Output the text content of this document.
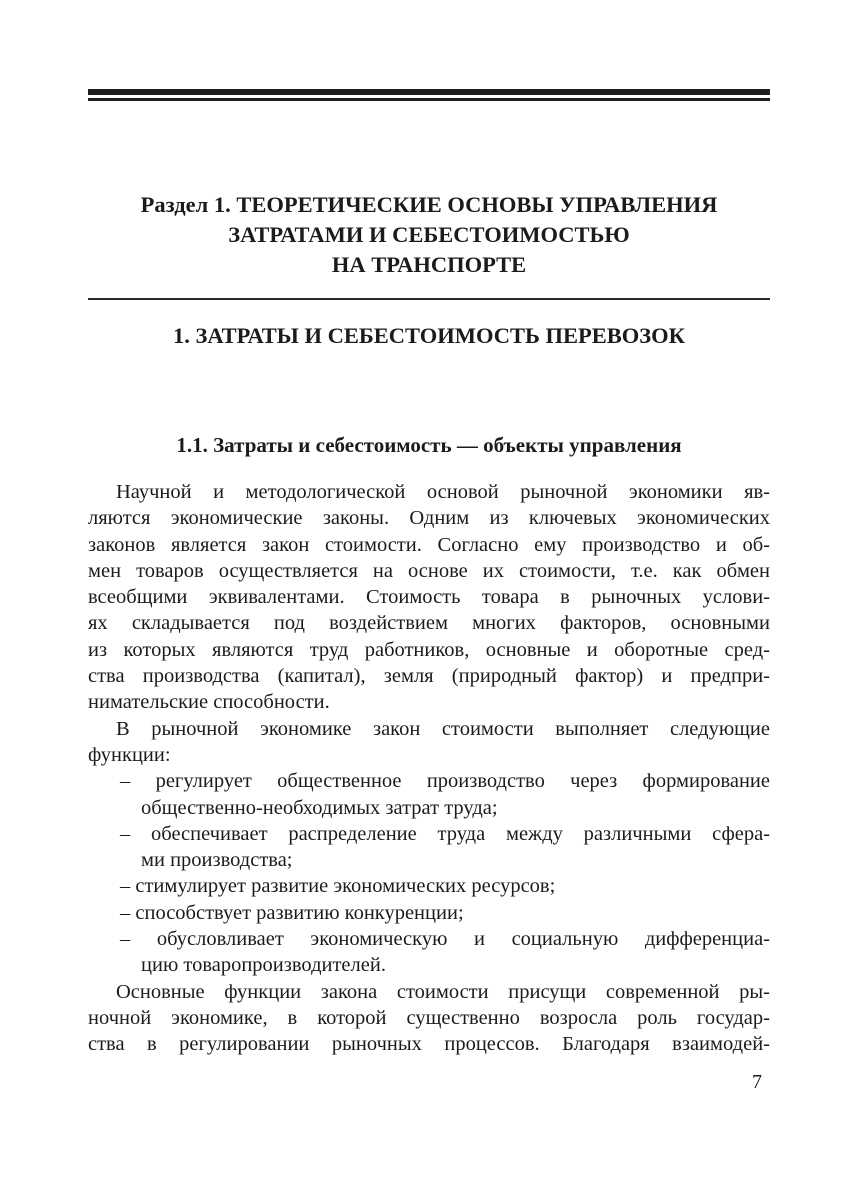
Раздел 1. ТЕОРЕТИЧЕСКИЕ ОСНОВЫ УПРАВЛЕНИЯ
ЗАТРАТАМИ И СЕБЕСТОИМОСТЬЮ
НА ТРАНСПОРТЕ
1. ЗАТРАТЫ И СЕБЕСТОИМОСТЬ ПЕРЕВОЗОК
1.1. Затраты и себестоимость — объекты управления
Научной и методологической основой рыночной экономики яв-
ляются экономические законы. Одним из ключевых экономических
законов является закон стоимости. Согласно ему производство и об-
мен товаров осуществляется на основе их стоимости, т.е. как обмен
всеобщими эквивалентами. Стоимость товара в рыночных услови-
ях складывается под воздействием многих факторов, основными
из которых являются труд работников, основные и оборотные сред-
ства производства (капитал), земля (природный фактор) и предпри-
нимательские способности.
В рыночной экономике закон стоимости выполняет следующие
функции:
– регулирует общественное производство через формирование
общественно-необходимых затрат труда;
– обеспечивает распределение труда между различными сфера-
ми производства;
– стимулирует развитие экономических ресурсов;
– способствует развитию конкуренции;
– обусловливает экономическую и социальную дифференциа-
цию товаропроизводителей.
Основные функции закона стоимости присущи современной ры-
ночной экономике, в которой существенно возросла роль государ-
ства в регулировании рыночных процессов. Благодаря взаимодей-
7
